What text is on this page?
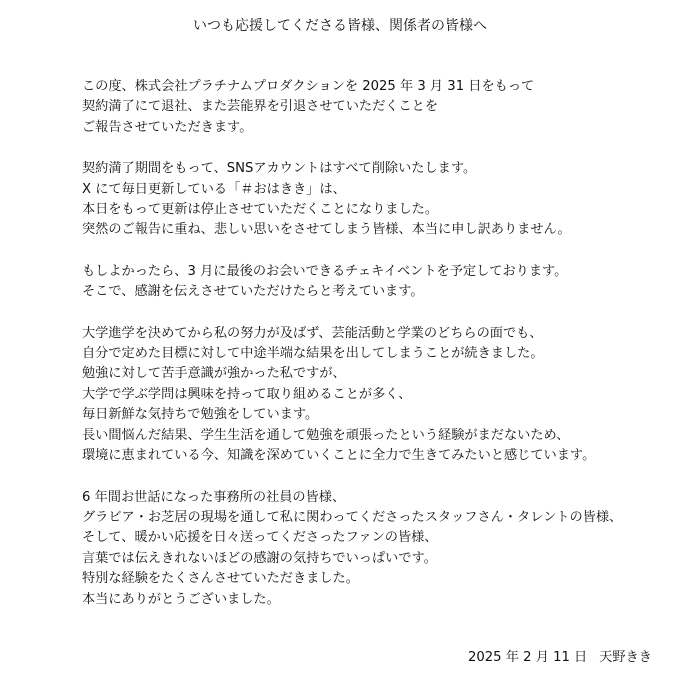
いつも応援してくださる皆様、関係者の皆様へ
この度、株式会社プラチナムプロダクションを 2025 年 3 月 31 日をもって
契約満了にて退社、また芸能界を引退させていただくことを
ご報告させていただきます。
契約満了期間をもって、SNSアカウントはすべて削除いたします。
X にて毎日更新している「＃おはきき」は、
本日をもって更新は停止させていただくことになりました。
突然のご報告に重ね、悲しい思いをさせてしまう皆様、本当に申し訳ありません。
もしよかったら、3 月に最後のお会いできるチェキイベントを予定しております。
そこで、感謝を伝えさせていただけたらと考えています。
大学進学を決めてから私の努力が及ばず、芸能活動と学業のどちらの面でも、
自分で定めた目標に対して中途半端な結果を出してしまうことが続きました。
勉強に対して苦手意識が強かった私ですが、
大学で学ぶ学問は興味を持って取り組めることが多く、
毎日新鮮な気持ちで勉強をしています。
長い間悩んだ結果、学生生活を通して勉強を頑張ったという経験がまだないため、
環境に恵まれている今、知識を深めていくことに全力で生きてみたいと感じています。
6 年間お世話になった事務所の社員の皆様、
グラビア・お芝居の現場を通して私に関わってくださったスタッフさん・タレントの皆様、
そして、暖かい応援を日々送ってくださったファンの皆様、
言葉では伝えきれないほどの感謝の気持ちでいっぱいです。
特別な経験をたくさんさせていただきました。
本当にありがとうございました。
2025 年 2 月 11 日 天野きき
